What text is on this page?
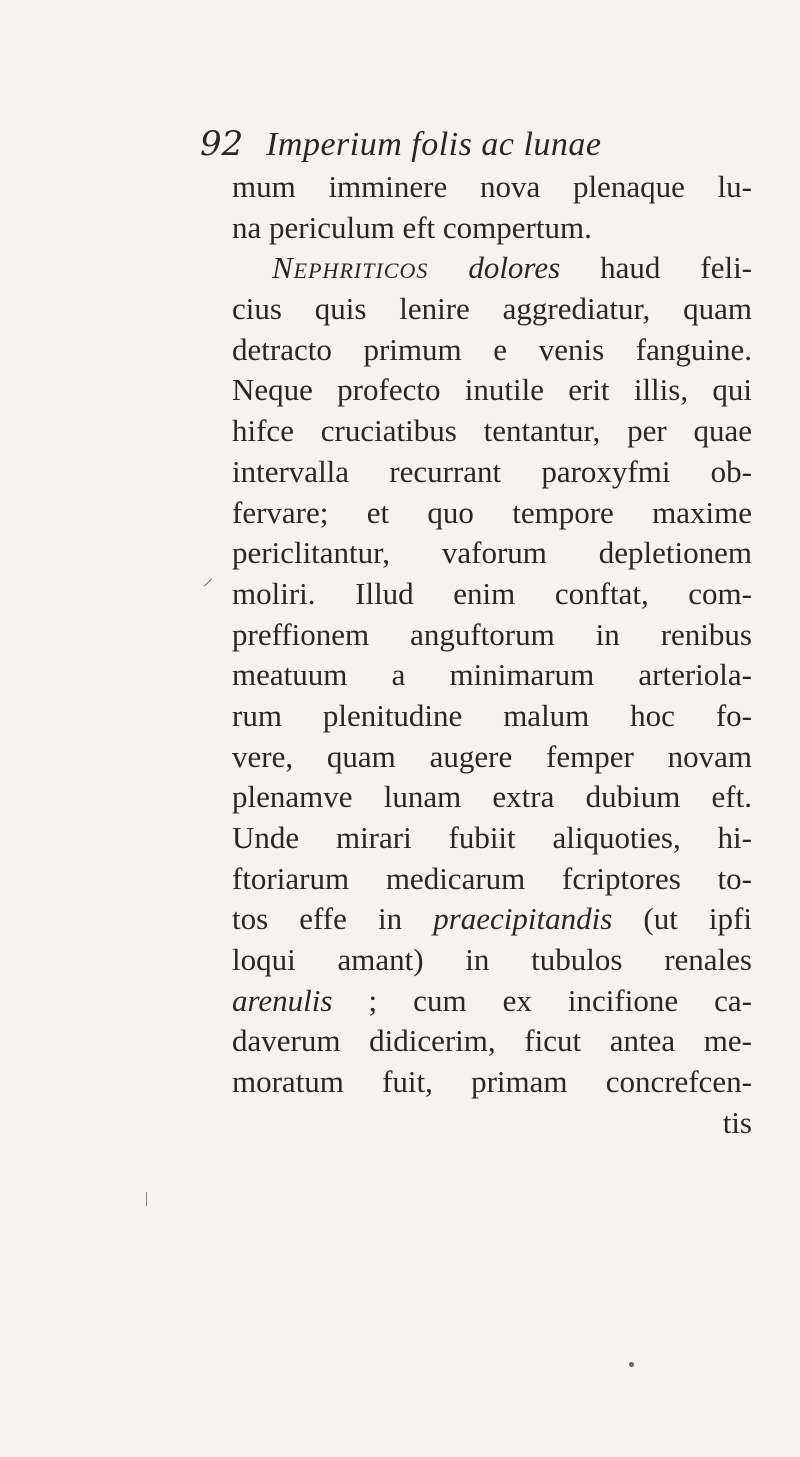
92 Imperium folis ac lunae
mum imminere nova plenaque lu-
na periculum eft compertum.
Nephriticos dolores haud feli-
cius quis lenire aggrediatur, quam
detracto primum e venis fanguine.
Neque profecto inutile erit illis, qui
hifce cruciatibus tentantur, per quae
intervalla recurrant paroxyfmi ob-
fervare; et quo tempore maxime
periclitantur, vaforum depletionem
moliri. Illud enim conftat, com-
preffionem anguftorum in renibus
meatuum a minimarum arteriola-
rum plenitudine malum hoc fo-
vere, quam augere femper novam
plenamve lunam extra dubium eft.
Unde mirari fubiit aliquoties, hi-
ftoriarum medicarum fcriptores to-
tos effe in praecipitandis (ut ipfi
loqui amant) in tubulos renales
arenulis ; cum ex incifione ca-
daverum didicerim, ficut antea me-
moratum fuit, primam concrefcen-
tis
